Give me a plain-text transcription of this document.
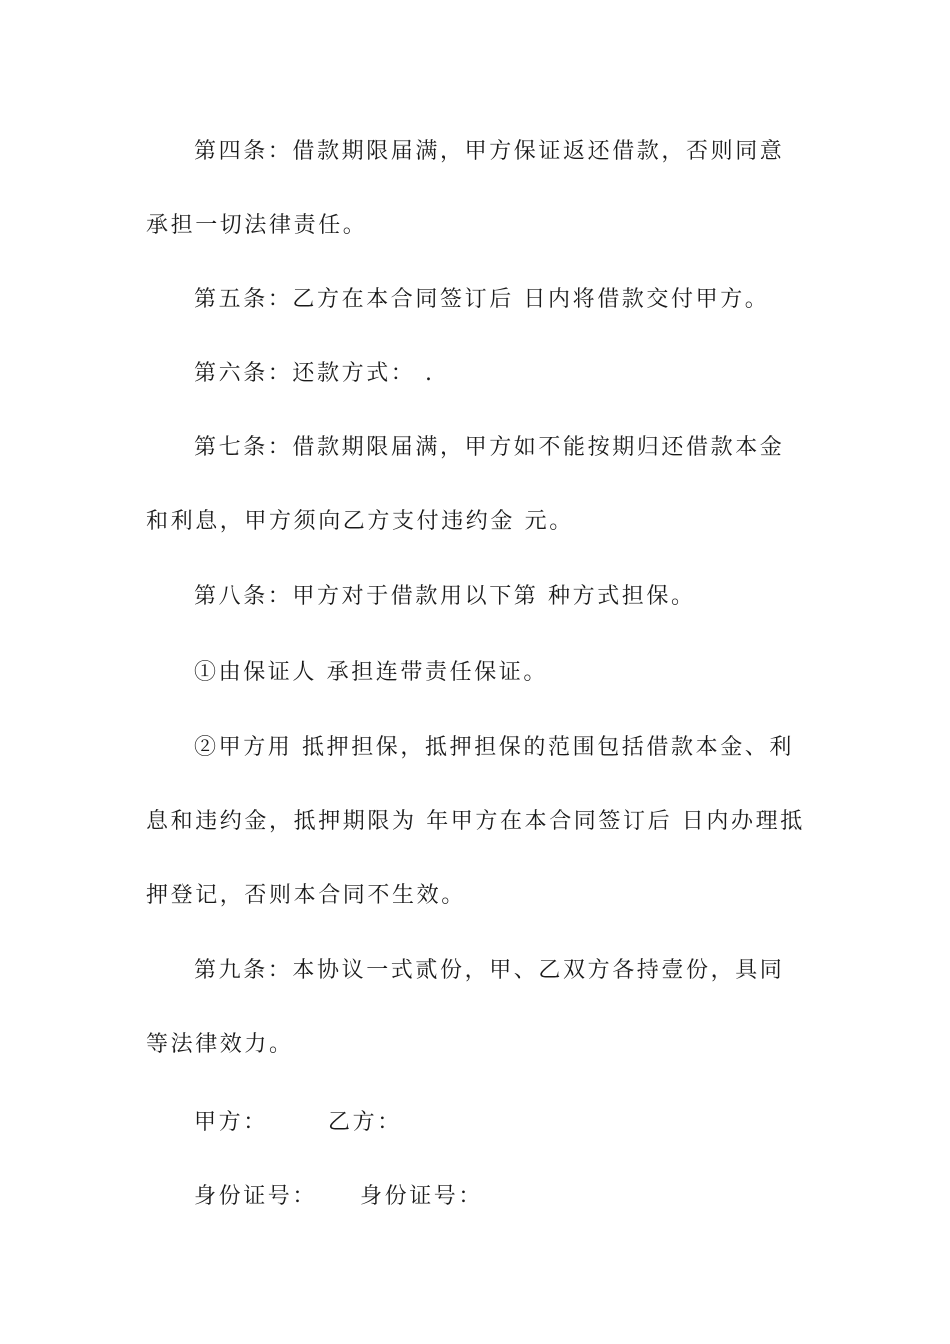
第四条：借款期限届满，甲方保证返还借款，否则同意承担一切法律责任。

第五条：乙方在本合同签订后 日内将借款交付甲方。

第六条：还款方式： .

第七条：借款期限届满，甲方如不能按期归还借款本金和利息，甲方须向乙方支付违约金 元。

第八条：甲方对于借款用以下第 种方式担保。

①由保证人 承担连带责任保证。

②甲方用 抵押担保，抵押担保的范围包括借款本金、利息和违约金，抵押期限为 年甲方在本合同签订后 日内办理抵押登记，否则本合同不生效。

第九条：本协议一式贰份，甲、乙双方各持壹份，具同等法律效力。

甲方：	乙方：
身份证号： 身份证号：
